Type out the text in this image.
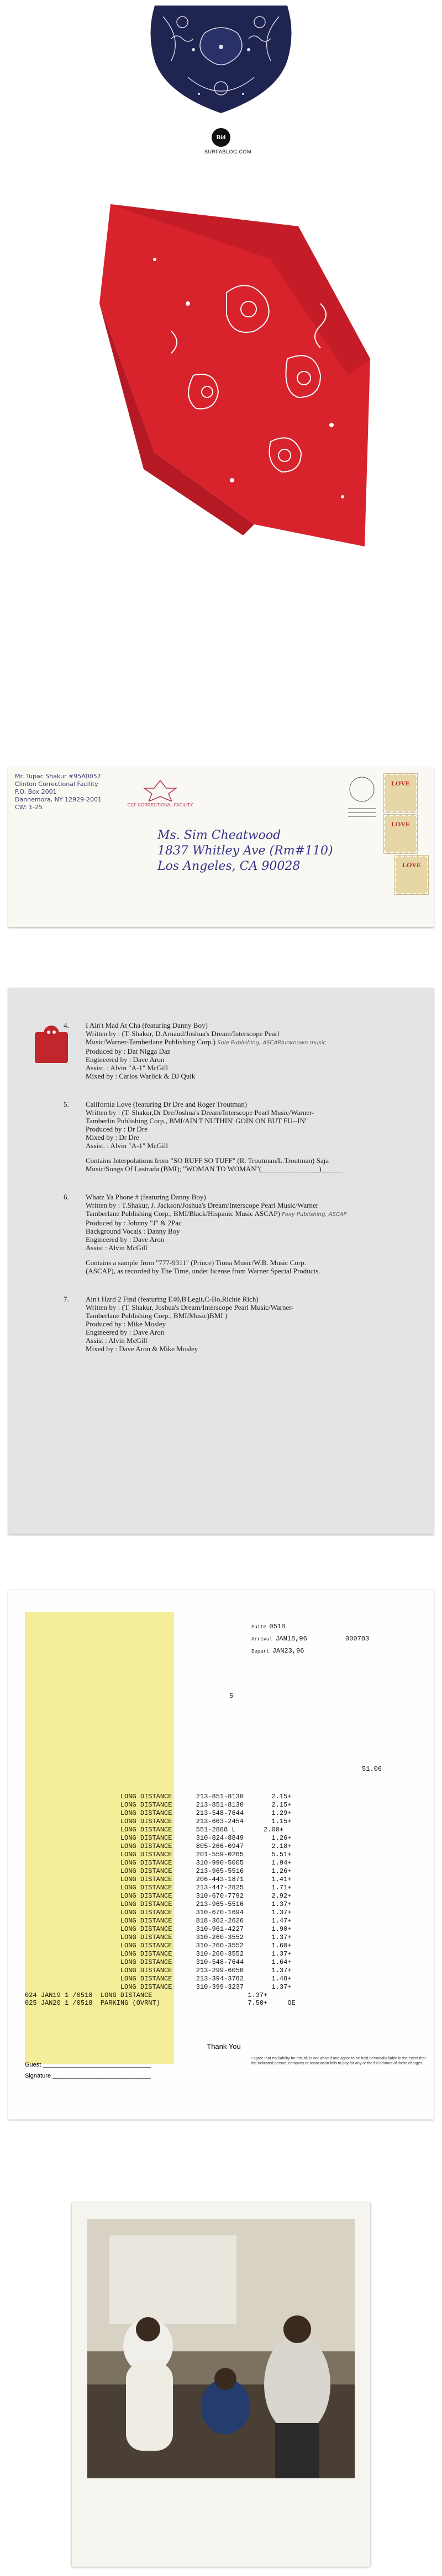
Bid
SURFABLOG.COM
Mr. Tupac Shakur #95A0057
Clinton Correctional Facility
P.O. Box 2001
Dannemora, NY 12929-2001
CW: 1-25	CCF CORRECTIONAL FACILITY
LOVE
LOVE
LOVE
Ms. Sim Cheatwood
1837 Whitley Ave (Rm#110)
Los Angeles, CA 90028
4. I Ain't Mad At Cha (featuring Danny Boy)

Written by : (T. Shakur, D.Arnaud/Joshua's Dream/Interscope Pearl

Music/Warner-Tamberlane Publishing Corp.) Sole Publishing, ASCAP/unknown music

Produced by : Dat Nigga Daz

Engineered by : Dave Aron

Assist. : Alvin "A-1" McGill

Mixed by : Carlos Warlick & DJ Quik

5. California Love (featuring Dr Dre and Roger Troutman)

Written by : (T. Shakur,Dr Dre/Joshua's Dream/Interscope Pearl Music/Warner-

Tamberlin Publishing Corp., BMI/AIN'T NUTHIN' GOIN ON BUT FU--IN"

Produced by : Dr Dre

Mixed by : Dr Dre

Assist. : Alvin "A-1" McGill

Contains Interpolations from "SO RUFF SO TUFF" (R. Troutman/L.Troutman) Saja

Music/Songs Of Lastrada (BMI); "WOMAN TO WOMAN"(________________)______

6. Whatz Ya Phone # (featuring Danny Boy)

Written by : T.Shakur, J. Jackson/Joshua's Dream/Interscope Pearl Music/Warner

Tamberlane Publishing Corp., BMI/Black/Hispanic Music ASCAP) Foxy Publishing, ASCAP

Produced by : Johnny "J" & 2Pac

Background Vocals : Danny Boy

Engineered by : Dave Aron

Assist : Alvin McGill

Contains a sample from "777-9311" (Prince) Tiona Music/W.B. Music Corp.

(ASCAP), as recorded by The Time, under license from Warner Special Products.

7. Ain't Hard 2 Find (featuring E40,B'Legit,C-Bo,Richie Rich)

Written by : (T. Shakur, Joshua's Dream/Interscope Pearl Music/Warner-

Tamberlane Publishing Corp., BMI/Music)BMI )

Produced by : Mike Mosley

Engineered by : Dave Aron

Assist : Alvin McGill

Mixed by : Dave Aron & Mike Mosley

Suite 0518
000783
Arrival JAN18,96
Depart JAN23,96
5
51.06
LONG DISTANCE	213-851-8130	2.15+
LONG DISTANCE	213-851-8130	2.15+
LONG DISTANCE	213-548-7644	1.29+
LONG DISTANCE	213-663-2454	1.15+
LONG DISTANCE	551-2888 L	2.00+
LONG DISTANCE	310-824-8849	1.26+
LONG DISTANCE	805-266-0947	2.18+
LONG DISTANCE	201-559-0265	5.51+
LONG DISTANCE	310-990-5005	1.94+
LONG DISTANCE	213-965-5516	1.26+
LONG DISTANCE	206-443-1871	1.41+
LONG DISTANCE	213-447-2825	1.71+
LONG DISTANCE	310-670-7792	2.92+
LONG DISTANCE	213-965-5516	1.37+
LONG DISTANCE	310-670-1694	1.37+
LONG DISTANCE	818-362-2626	1.47+
LONG DISTANCE	310-961-4227	1.90+
LONG DISTANCE	310-260-3552	1.37+
LONG DISTANCE	310-260-3552	1.60+
LONG DISTANCE	310-260-3552	1.37+
LONG DISTANCE	310-548-7644	1.64+
LONG DISTANCE	213-299-6050	1.37+
LONG DISTANCE	213-394-3782	1.48+
LONG DISTANCE	310-399-3237	1.37+
024 JAN19 1 /0518 LONG DISTANCE	1.37+
025 JAN20 1 /0518 PARKING (OVRNT)	7.50+	OE
Thank You
Guest ________________________________
Signature _____________________________
I agree that my liability for this bill is not waived and agree to be held personally liable in the event that the indicated person, company or association fails to pay for any or the full amount of these charges.
